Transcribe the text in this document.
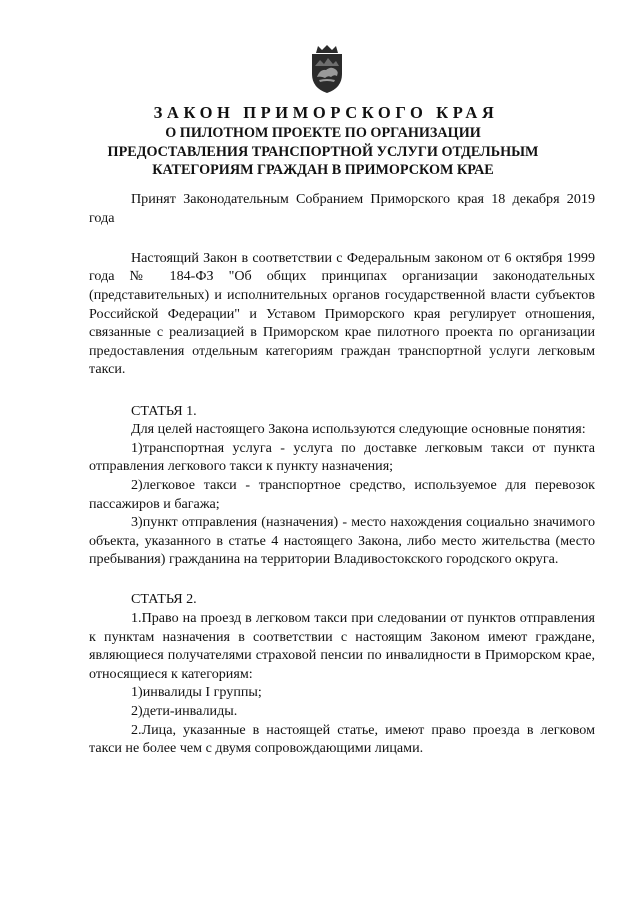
ЗАКОН ПРИМОРСКОГО КРАЯ
О ПИЛОТНОМ ПРОЕКТЕ ПО ОРГАНИЗАЦИИ
ПРЕДОСТАВЛЕНИЯ ТРАНСПОРТНОЙ УСЛУГИ ОТДЕЛЬНЫМ
КАТЕГОРИЯМ ГРАЖДАН В ПРИМОРСКОМ КРАЕ

Принят Законодательным Собранием Приморского края 18 декабря 2019 года

Настоящий Закон в соответствии с Федеральным законом от 6 октября 1999 года № 184-ФЗ "Об общих принципах организации законодательных (представительных) и исполнительных органов государственной власти субъектов Российской Федерации" и Уставом Приморского края регулирует отношения, связанные с реализацией в Приморском крае пилотного проекта по организации предоставления отдельным категориям граждан транспортной услуги легковым такси.

СТАТЬЯ 1.

Для целей настоящего Закона используются следующие основные понятия:

1)транспортная услуга - услуга по доставке легковым такси от пункта отправления легкового такси к пункту назначения;

2)легковое такси - транспортное средство, используемое для перевозок пассажиров и багажа;

3)пункт отправления (назначения) - место нахождения социально значимого объекта, указанного в статье 4 настоящего Закона, либо место жительства (место пребывания) гражданина на территории Владивостокского городского округа.

СТАТЬЯ 2.

1.Право на проезд в легковом такси при следовании от пунктов отправления к пунктам назначения в соответствии с настоящим Законом имеют граждане, являющиеся получателями страховой пенсии по инвалидности в Приморском крае, относящиеся к категориям:

1)инвалиды I группы;

2)дети-инвалиды.

2.Лица, указанные в настоящей статье, имеют право проезда в легковом такси не более чем с двумя сопровождающими лицами.
